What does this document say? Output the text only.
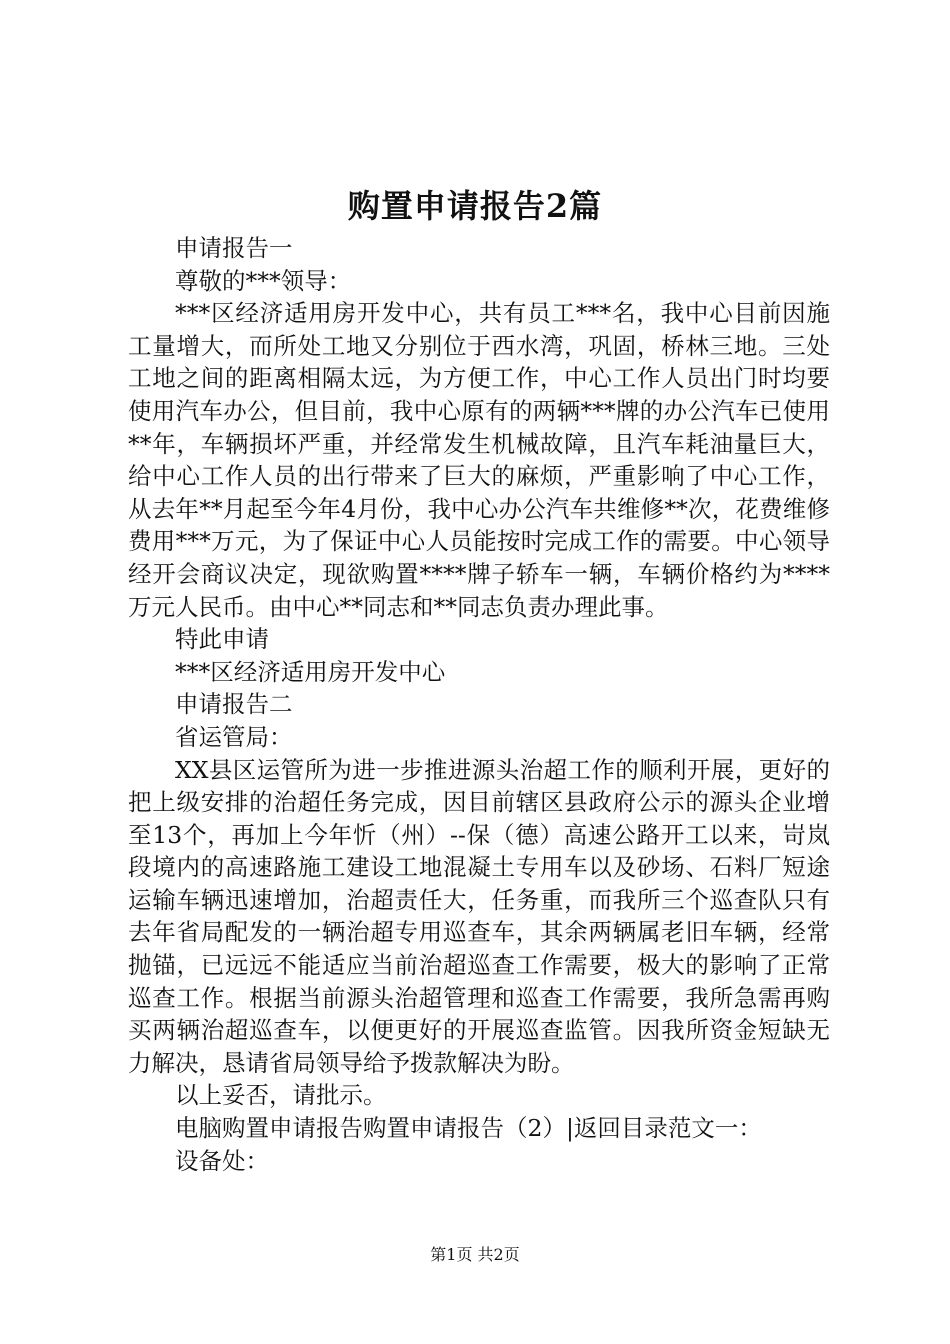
购置申请报告2篇

申请报告一

尊敬的***领导：

***区经济适用房开发中心，共有员工***名，我中心目前因施工量增大，而所处工地又分别位于西水湾，巩固，桥林三地。三处工地之间的距离相隔太远，为方便工作，中心工作人员出门时均要使用汽车办公，但目前，我中心原有的两辆***牌的办公汽车已使用**年，车辆损坏严重，并经常发生机械故障，且汽车耗油量巨大，给中心工作人员的出行带来了巨大的麻烦，严重影响了中心工作，从去年**月起至今年4月份，我中心办公汽车共维修**次，花费维修费用***万元，为了保证中心人员能按时完成工作的需要。中心领导经开会商议决定，现欲购置****牌子轿车一辆，车辆价格约为****万元人民币。由中心**同志和**同志负责办理此事。

特此申请

***区经济适用房开发中心

申请报告二

省运管局：

XX县区运管所为进一步推进源头治超工作的顺利开展，更好的把上级安排的治超任务完成，因目前辖区县政府公示的源头企业增至13个，再加上今年忻（州）--保（德）高速公路开工以来，岢岚段境内的高速路施工建设工地混凝土专用车以及砂场、石料厂短途运输车辆迅速增加，治超责任大，任务重，而我所三个巡查队只有去年省局配发的一辆治超专用巡查车，其余两辆属老旧车辆，经常抛锚，已远远不能适应当前治超巡查工作需要，极大的影响了正常巡查工作。根据当前源头治超管理和巡查工作需要，我所急需再购买两辆治超巡查车，以便更好的开展巡查监管。因我所资金短缺无力解决，恳请省局领导给予拨款解决为盼。

以上妥否，请批示。

电脑购置申请报告购置申请报告（2）|返回目录范文一：

设备处：

第1页 共2页
